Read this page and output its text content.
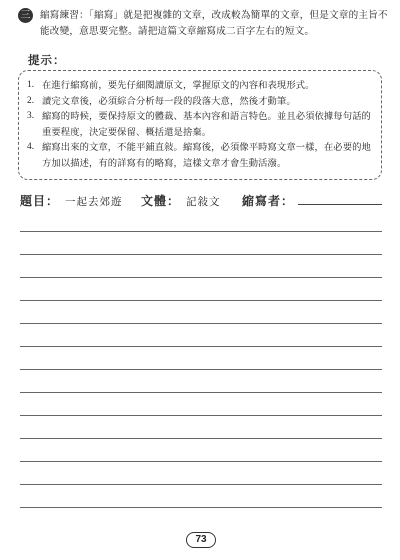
三 縮寫練習：「縮寫」就是把複雜的文章，改成較為簡單的文章，但是文章的主旨不能改變，意思要完整。請把這篇文章縮寫成二百字左右的短文。

提示：
1. 在進行縮寫前，要先仔細閱讀原文，掌握原文的內容和表現形式。
2. 讀完文章後，必須綜合分析每一段的段落大意，然後才動筆。
3. 縮寫的時候，要保持原文的體裁、基本內容和語言特色。並且必須依據每句話的重要程度，決定要保留、概括還是捨棄。
4. 縮寫出來的文章，不能平鋪直敍。縮寫後，必須像平時寫文章一樣，在必要的地方加以描述，有的詳寫有的略寫，這樣文章才會生動活潑。
題目： 一起去郊遊	文體： 記敍文	縮寫者：
73
